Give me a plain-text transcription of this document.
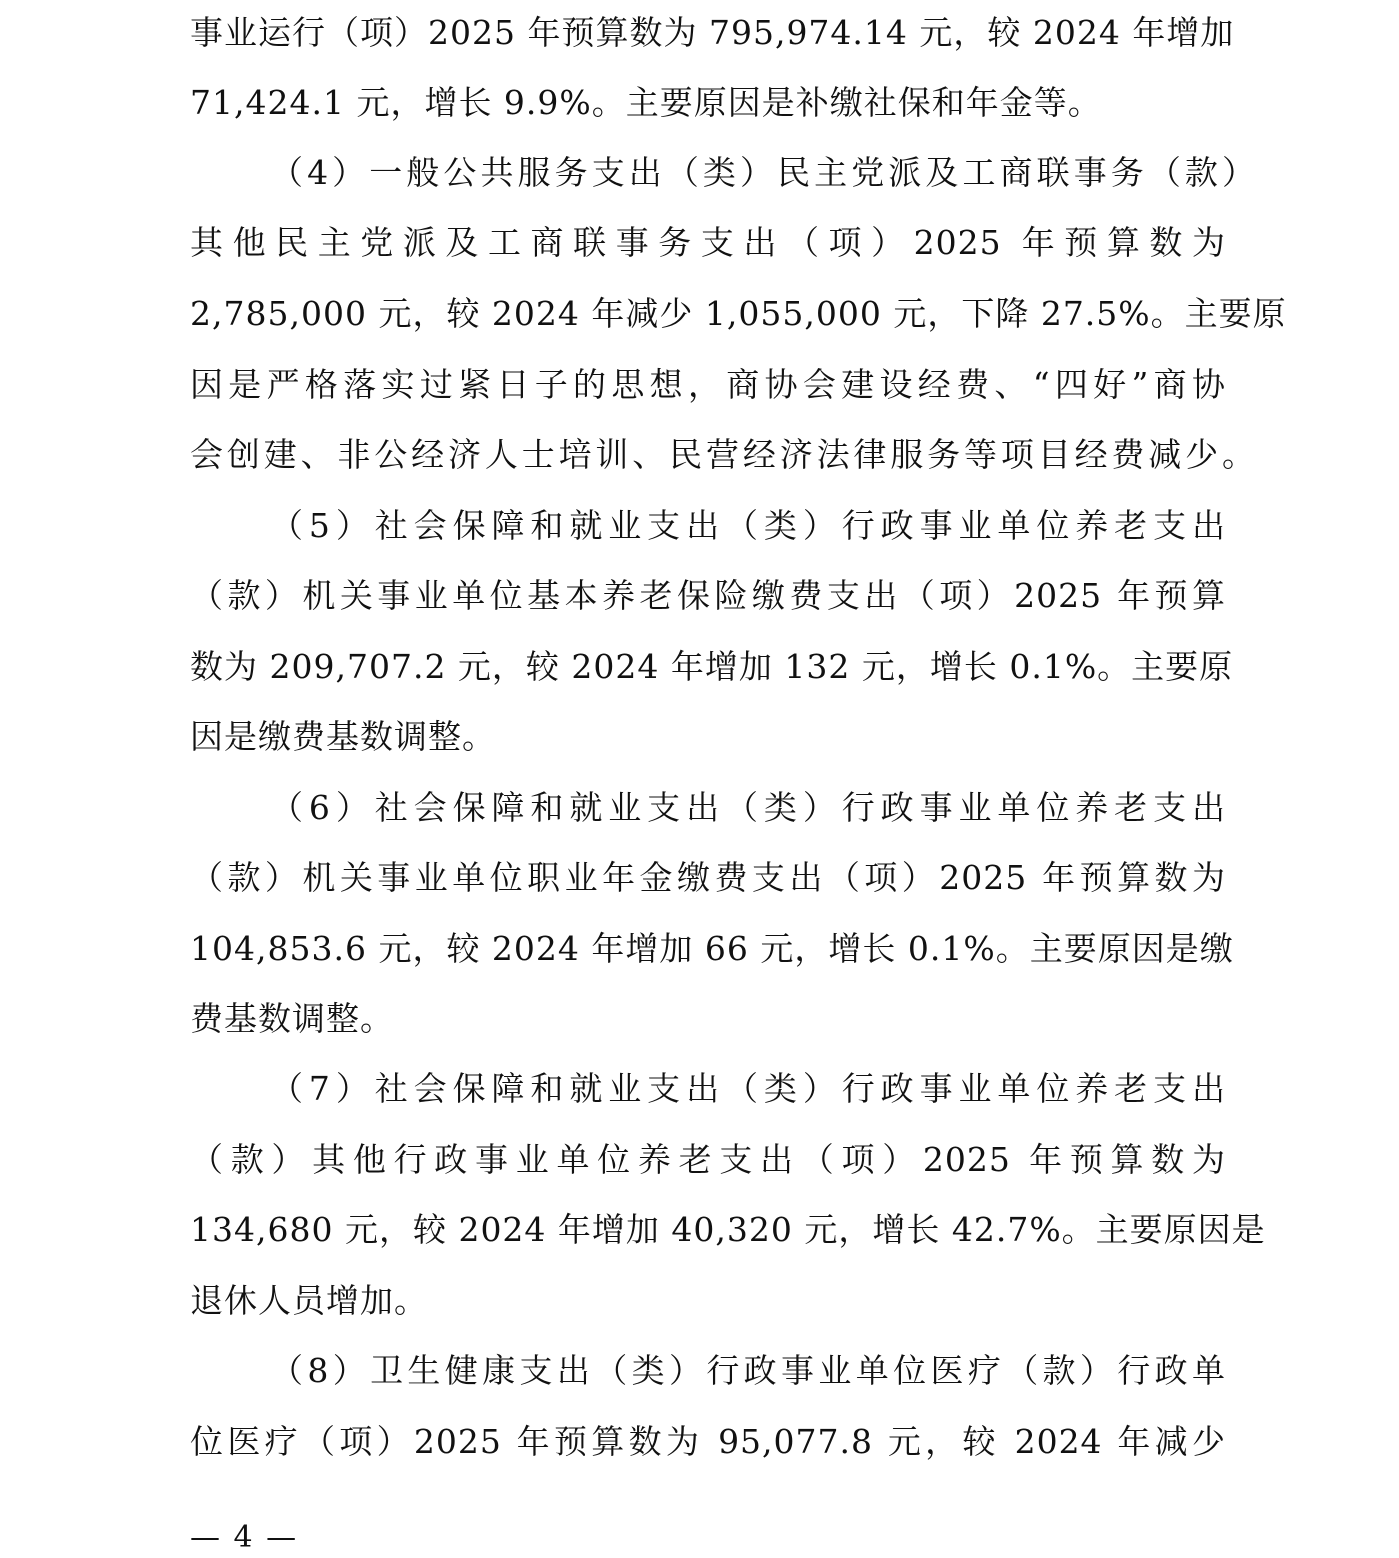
事业运行（项）2025 年预算数为 795,974.14 元，较 2024 年增加
71,424.1 元，增长 9.9%。主要原因是补缴社保和年金等。
（4）一般公共服务支出（类）民主党派及工商联事务（款）
其他民主党派及工商联事务支出（项）2025 年预算数为
2,785,000 元，较 2024 年减少 1,055,000 元，下降 27.5%。主要原
因是严格落实过紧日子的思想，商协会建设经费、“四好”商协
会创建、非公经济人士培训、民营经济法律服务等项目经费减少。
（5）社会保障和就业支出（类）行政事业单位养老支出
（款）机关事业单位基本养老保险缴费支出（项）2025 年预算
数为 209,707.2 元，较 2024 年增加 132 元，增长 0.1%。主要原
因是缴费基数调整。
（6）社会保障和就业支出（类）行政事业单位养老支出
（款）机关事业单位职业年金缴费支出（项）2025 年预算数为
104,853.6 元，较 2024 年增加 66 元，增长 0.1%。主要原因是缴
费基数调整。
（7）社会保障和就业支出（类）行政事业单位养老支出
（款）其他行政事业单位养老支出（项）2025 年预算数为
134,680 元，较 2024 年增加 40,320 元，增长 42.7%。主要原因是
退休人员增加。
（8）卫生健康支出（类）行政事业单位医疗（款）行政单
位医疗（项）2025 年预算数为 95,077.8 元，较 2024 年减少
— 4 —
